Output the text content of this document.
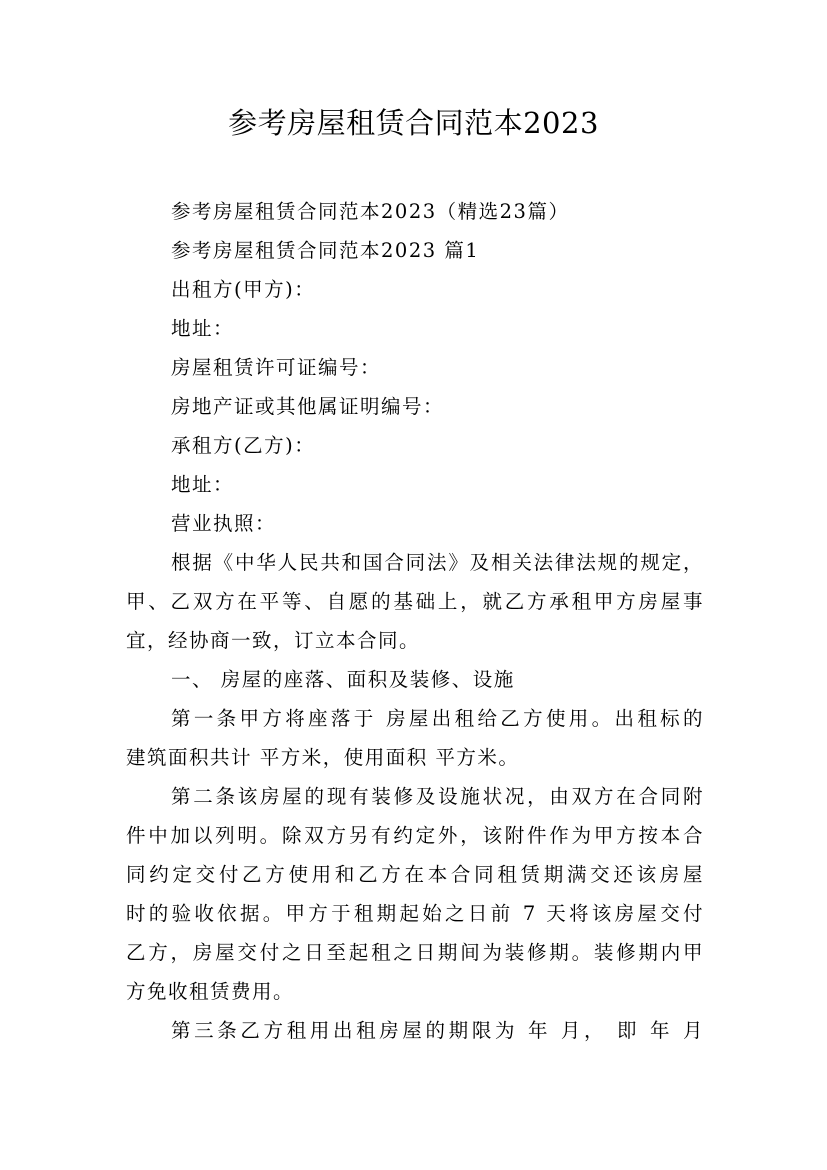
参考房屋租赁合同范本2023

参考房屋租赁合同范本2023（精选23篇）

参考房屋租赁合同范本2023 篇1

出租方(甲方)：

地址：

房屋租赁许可证编号：

房地产证或其他属证明编号：

承租方(乙方)：

地址：

营业执照：

根据《中华人民共和国合同法》及相关法律法规的规定，

甲、乙双方在平等、自愿的基础上，就乙方承租甲方房屋事

宜，经协商一致，订立本合同。

一、 房屋的座落、面积及装修、设施

第一条甲方将座落于 房屋出租给乙方使用。出租标的

建筑面积共计 平方米，使用面积 平方米。

第二条该房屋的现有装修及设施状况，由双方在合同附

件中加以列明。除双方另有约定外，该附件作为甲方按本合

同约定交付乙方使用和乙方在本合同租赁期满交还该房屋

时的验收依据。甲方于租期起始之日前 7 天将该房屋交付

乙方，房屋交付之日至起租之日期间为装修期。装修期内甲

方免收租赁费用。

第三条乙方租用出租房屋的期限为 年 月， 即 年 月
